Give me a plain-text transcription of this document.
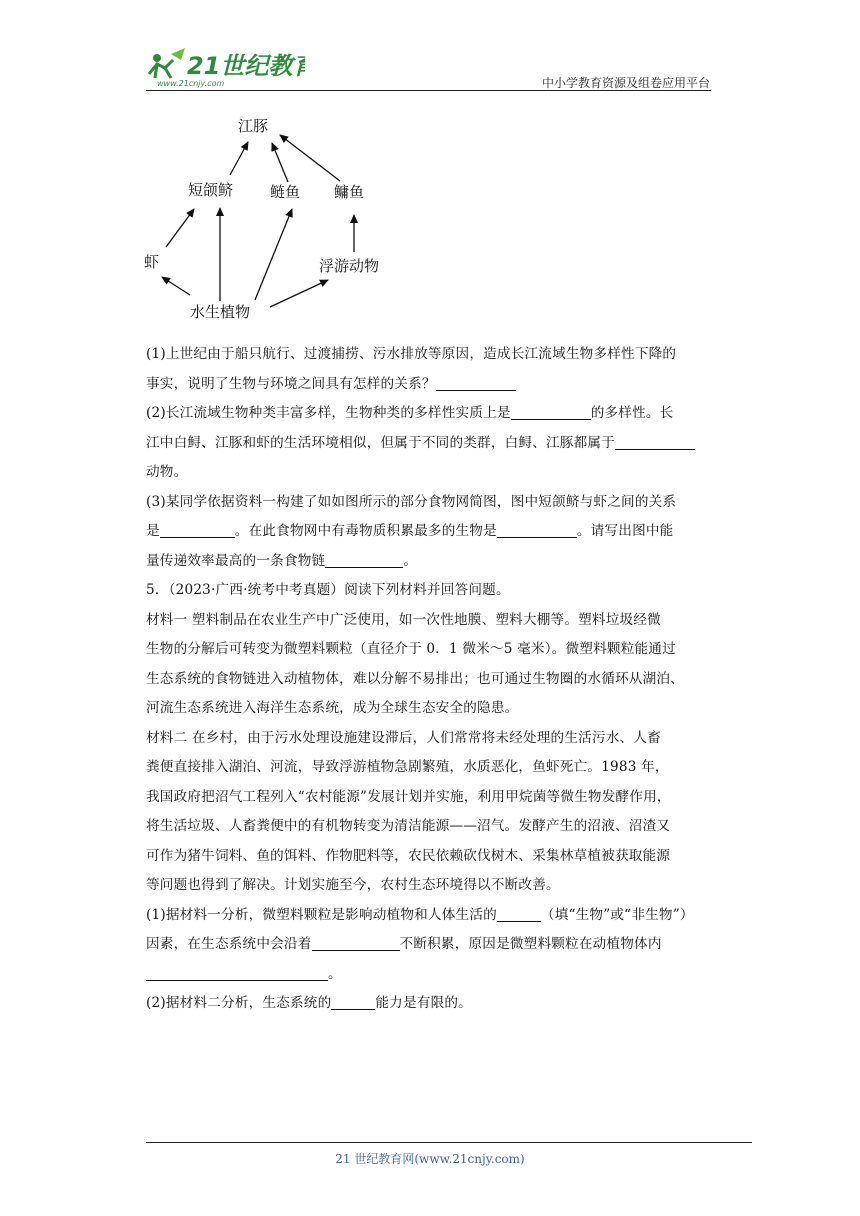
21世纪教育
www.21cnjy.com	中小学教育资源及组卷应用平台
江豚
短颌鲚 鲢鱼 鳙鱼
虾	浮游动物
水生植物

(1)上世纪由于船只航行、过渡捕捞、污水排放等原因，造成长江流域生物多样性下降的

事实，说明了生物与环境之间具有怎样的关系？

(2)长江流域生物种类丰富多样，生物种类的多样性实质上是	的多样性。长

江中白鲟、江豚和虾的生活环境相似，但属于不同的类群，白鲟、江豚都属于

动物。

(3)某同学依据资料一构建了如如图所示的部分食物网简图，图中短颌鲚与虾之间的关系

是	。在此食物网中有毒物质积累最多的生物是	。请写出图中能

量传递效率最高的一条食物链	。

5．（2023·广西·统考中考真题）阅读下列材料并回答问题。

材料一 塑料制品在农业生产中广泛使用，如一次性地膜、塑料大棚等。塑料垃圾经微

生物的分解后可转变为微塑料颗粒（直径介于 0．1 微米～5 毫米）。微塑料颗粒能通过

生态系统的食物链进入动植物体，难以分解不易排出；也可通过生物圈的水循环从湖泊、

河流生态系统进入海洋生态系统，成为全球生态安全的隐患。

材料二 在乡村，由于污水处理设施建设滞后，人们常常将未经处理的生活污水、人畜

粪便直接排入湖泊、河流，导致浮游植物急剧繁殖，水质恶化，鱼虾死亡。1983 年，

我国政府把沼气工程列入“农村能源”发展计划并实施，利用甲烷菌等微生物发酵作用，

将生活垃圾、人畜粪便中的有机物转变为清洁能源——沼气。发酵产生的沼液、沼渣又

可作为猪牛饲料、鱼的饵料、作物肥料等，农民依赖砍伐树木、采集林草植被获取能源

等问题也得到了解决。计划实施至今，农村生态环境得以不断改善。

(1)据材料一分析，微塑料颗粒是影响动植物和人体生活的	（填“生物”或“非生物”）

因素，在生态系统中会沿着	不断积累，原因是微塑料颗粒在动植物体内

。

(2)据材料二分析，生态系统的	能力是有限的。

21 世纪教育网(www.21cnjy.com)
